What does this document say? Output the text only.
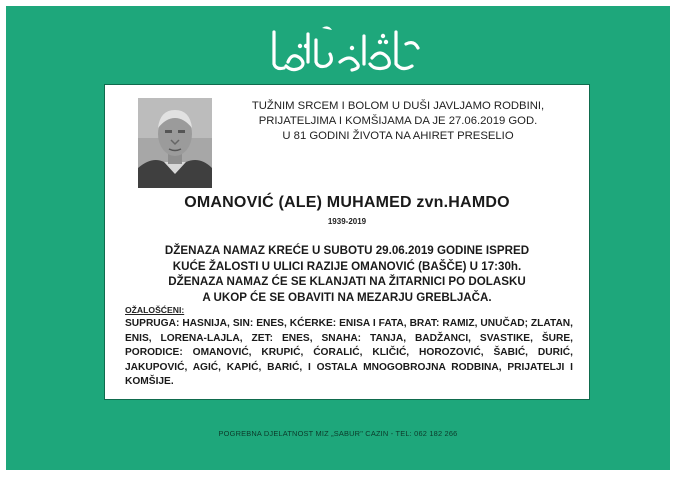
TUŽNIM SRCEM I BOLOM U DUŠI JAVLJAMO RODBINI,
PRIJATELJIMA I KOMŠIJAMA DA JE 27.06.2019 GOD.
U 81 GODINI ŽIVOTA NA AHIRET PRESELIO
OMANOVIĆ (ALE) MUHAMED zvn.HAMDO
1939-2019
DŽENAZA NAMAZ KREĆE U SUBOTU 29.06.2019 GODINE ISPRED
KUĆE ŽALOSTI U ULICI RAZIJE OMANOVIĆ (BAŠČE) U 17:30h.
DŽENAZA NAMAZ ĆE SE KLANJATI NA ŽITARNICI PO DOLASKU
A UKOP ĆE SE OBAVITI NA MEZARJU GREBLJAČA.
OŽALOŠĆENI:
SUPRUGA: HASNIJA, SIN: ENES, KĆERKE: ENISA I FATA, BRAT: RAMIZ, UNUČAD; ZLATAN, ENIS, LORENA-LAJLA, ZET: ENES, SNAHA: TANJA, BADŽANCI, SVASTIKE, ŠURE, PORODICE: OMANOVIĆ, KRUPIĆ, ĆORALIĆ, KLIČIĆ, HOROZOVIĆ, ŠABIĆ, DURIĆ, JAKUPOVIĆ, AGIĆ, KAPIĆ, BARIĆ, I OSTALA MNOGOBROJNA RODBINA, PRIJATELJI I KOMŠIJE.
POGREBNA DJELATNOST MIZ „SABUR" CAZIN - TEL: 062 182 266
